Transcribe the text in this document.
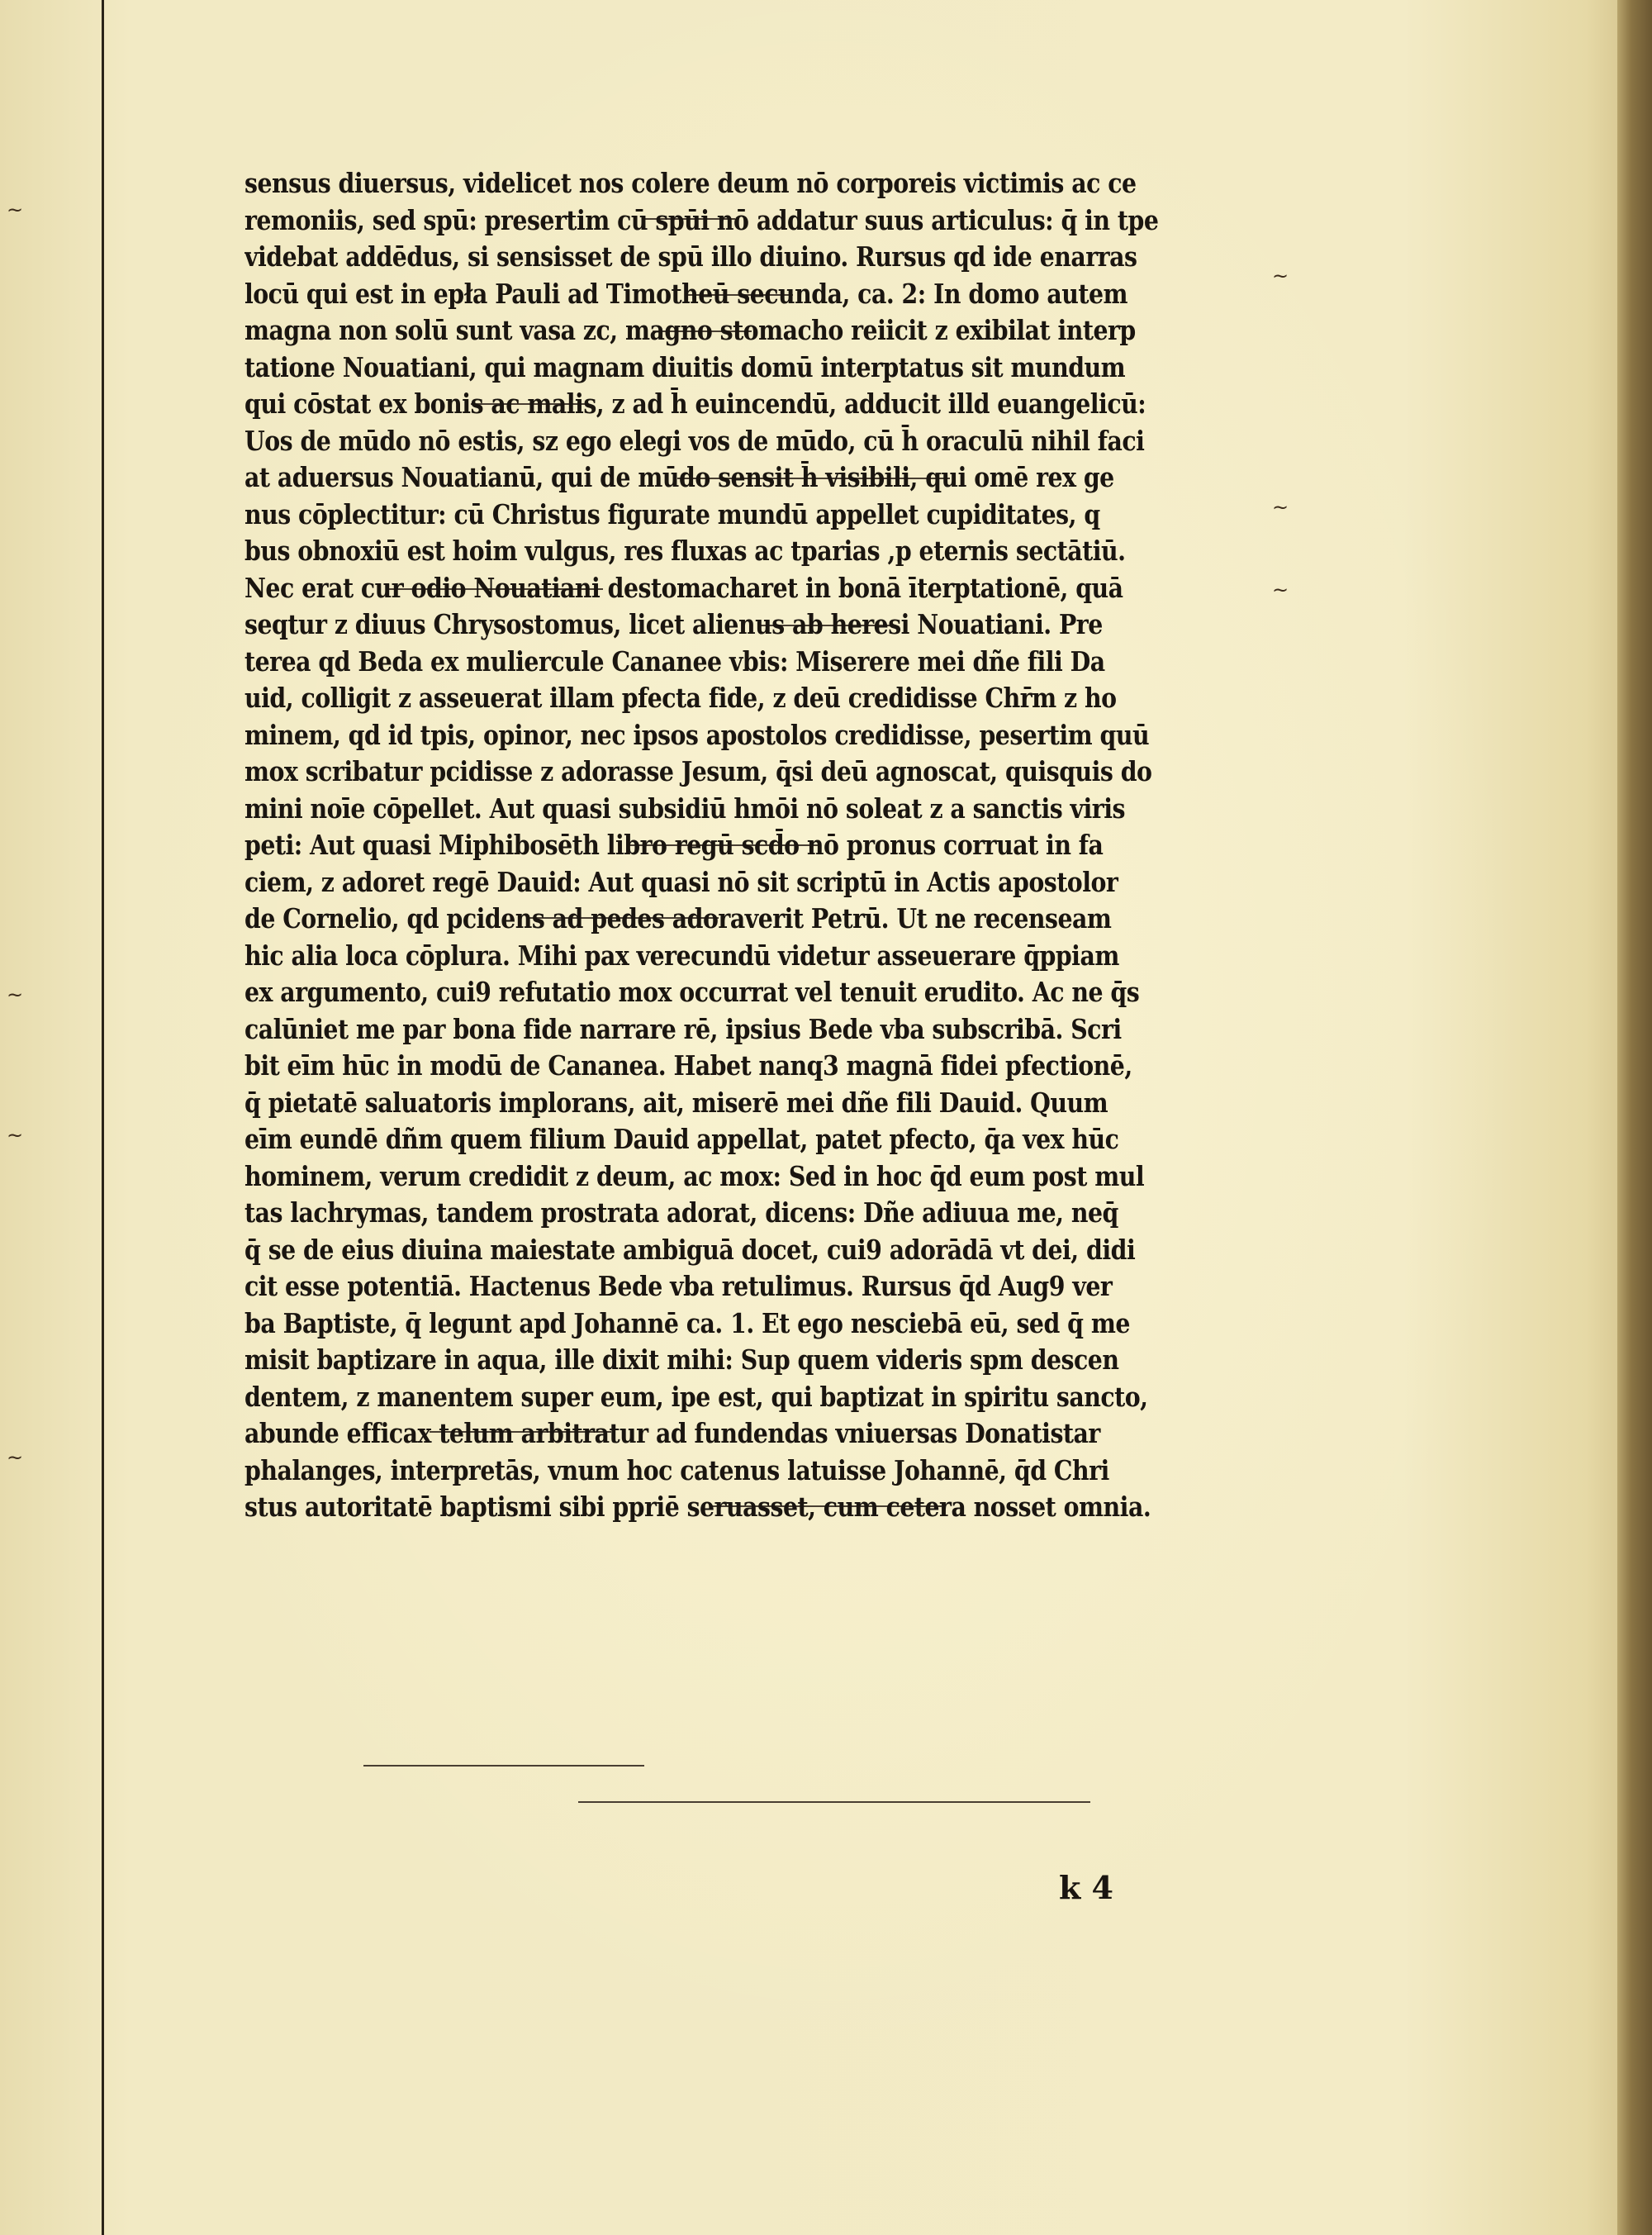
~
~
~
~
~
~
~
sensus diuersus, videlicet nos colere deum nō corporeis victimis ac ce
remoniis, sed spū: presertim cū spūi nō addatur suus articulus: q̄ in tpe
videbat addēdus, si sensisset de spū illo diuino. Rursus qd ide enarras
locū qui est in epła Pauli ad Timotheū secunda, ca. 2: In domo autem
magna non solū sunt vasa zc, magno stomacho reiicit z exibilat interp
tatione Nouatiani, qui magnam diuitis domū interptatus sit mundum
qui cōstat ex bonis ac malis, z ad h̄ euincendū, adducit illd euangelicū:
Uos de mūdo nō estis, sz ego elegi vos de mūdo, cū h̄ oraculū nihil faci
at aduersus Nouatianū, qui de mūdo sensit h̄ visibili, qui omē rex ge
nus cōplectitur: cū Christus figurate mundū appellet cupiditates, q
bus obnoxiū est hoim vulgus, res fluxas ac tparias ,p eternis sectātiū.
Nec erat cur odio Nouatiani destomacharet in bonā īterptationē, quā
seqtur z diuus Chrysostomus, licet alienus ab heresi Nouatiani. Pre
terea qd Beda ex muliercule Cananee vbis: Miserere mei dñe fili Da
uid, colligit z asseuerat illam pfecta fide, z deū credidisse Chr̄m z ho
minem, qd id tpis, opinor, nec ipsos apostolos credidisse, pesertim quū
mox scribatur pcidisse z adorasse Jesum, q̄si deū agnoscat, quisquis do
mini noīe cōpellet. Aut quasi subsidiū hmōi nō soleat z a sanctis viris
peti: Aut quasi Miphibosēth libro regū scd̄o nō pronus corruat in fa
ciem, z adoret regē Dauid: Aut quasi nō sit scriptū in Actis apostolor
de Cornelio, qd pcidens ad pedes adoraverit Petrū. Ut ne recenseam
hic alia loca cōplura. Mihi pax verecundū videtur asseuerare q̄ppiam
ex argumento, cui9 refutatio mox occurrat vel tenuit erudito. Ac ne q̄s
calūniet me par bona fide narrare rē, ipsius Bede vba subscribā. Scri
bit eīm hūc in modū de Cananea. Habet nanq3 magnā fidei pfectionē,
q̄ pietatē saluatoris implorans, ait, miserē mei dñe fili Dauid. Quum
eīm eundē dñm quem filium Dauid appellat, patet pfecto, q̄a vex hūc
hominem, verum credidit z deum, ac mox: Sed in hoc q̄d eum post mul
tas lachrymas, tandem prostrata adorat, dicens: Dñe adiuua me, neq̄
q̄ se de eius diuina maiestate ambiguā docet, cui9 adorādā vt dei, didi
cit esse potentiā. Hactenus Bede vba retulimus. Rursus q̄d Aug9 ver
ba Baptiste, q̄ legunt apd Johannē ca. 1. Et ego nesciebā eū, sed q̄ me
misit baptizare in aqua, ille dixit mihi: Sup quem videris spm descen
dentem, z manentem super eum, ipe est, qui baptizat in spiritu sancto,
abunde efficax telum arbitratur ad fundendas vniuersas Donatistar
phalanges, interpretās, vnum hoc catenus latuisse Johannē, q̄d Chri
stus autoritatē baptismi sibi ppriē seruasset, cum cetera nosset omnia.
k 4
